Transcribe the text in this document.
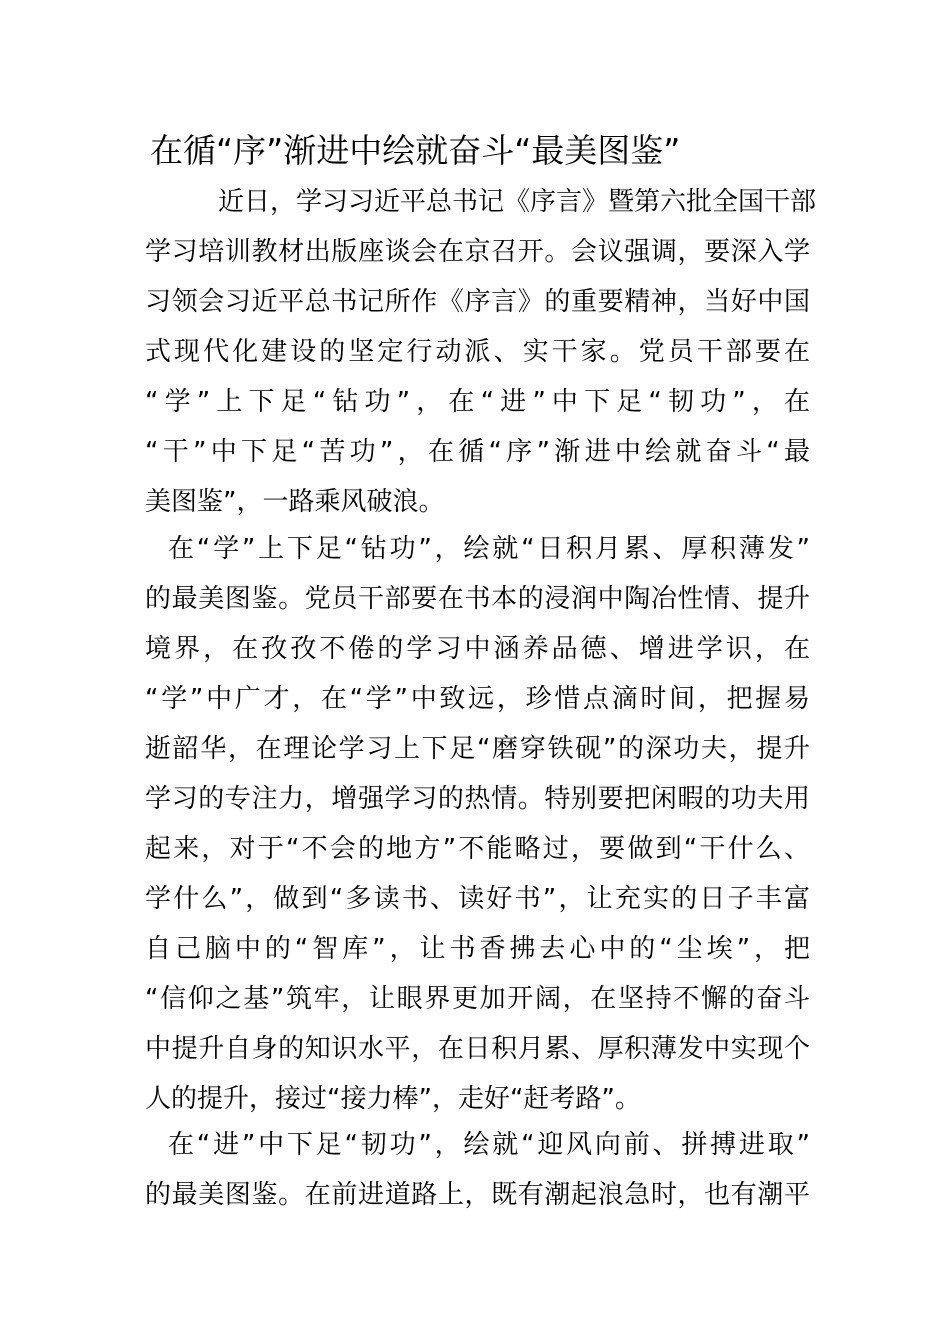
在循“序”渐进中绘就奋斗“最美图鉴”
近日，学习习近平总书记《序言》暨第六批全国干部
学习培训教材出版座谈会在京召开。会议强调，要深入学
习领会习近平总书记所作《序言》的重要精神，当好中国
式现代化建设的坚定行动派、实干家。党员干部要在
“学”上下足“钻功”，在“进”中下足“韧功”，在
“干”中下足“苦功”，在循“序”渐进中绘就奋斗“最
美图鉴”，一路乘风破浪。
在“学”上下足“钻功”，绘就“日积月累、厚积薄发”
的最美图鉴。党员干部要在书本的浸润中陶冶性情、提升
境界，在孜孜不倦的学习中涵养品德、增进学识，在
“学”中广才，在“学”中致远，珍惜点滴时间，把握易
逝韶华，在理论学习上下足“磨穿铁砚”的深功夫，提升
学习的专注力，增强学习的热情。特别要把闲暇的功夫用
起来，对于“不会的地方”不能略过，要做到“干什么、
学什么”，做到“多读书、读好书”，让充实的日子丰富
自己脑中的“智库”，让书香拂去心中的“尘埃”，把
“信仰之基”筑牢，让眼界更加开阔，在坚持不懈的奋斗
中提升自身的知识水平，在日积月累、厚积薄发中实现个
人的提升，接过“接力棒”，走好“赶考路”。
在“进”中下足“韧功”，绘就“迎风向前、拼搏进取”
的最美图鉴。在前进道路上，既有潮起浪急时，也有潮平
